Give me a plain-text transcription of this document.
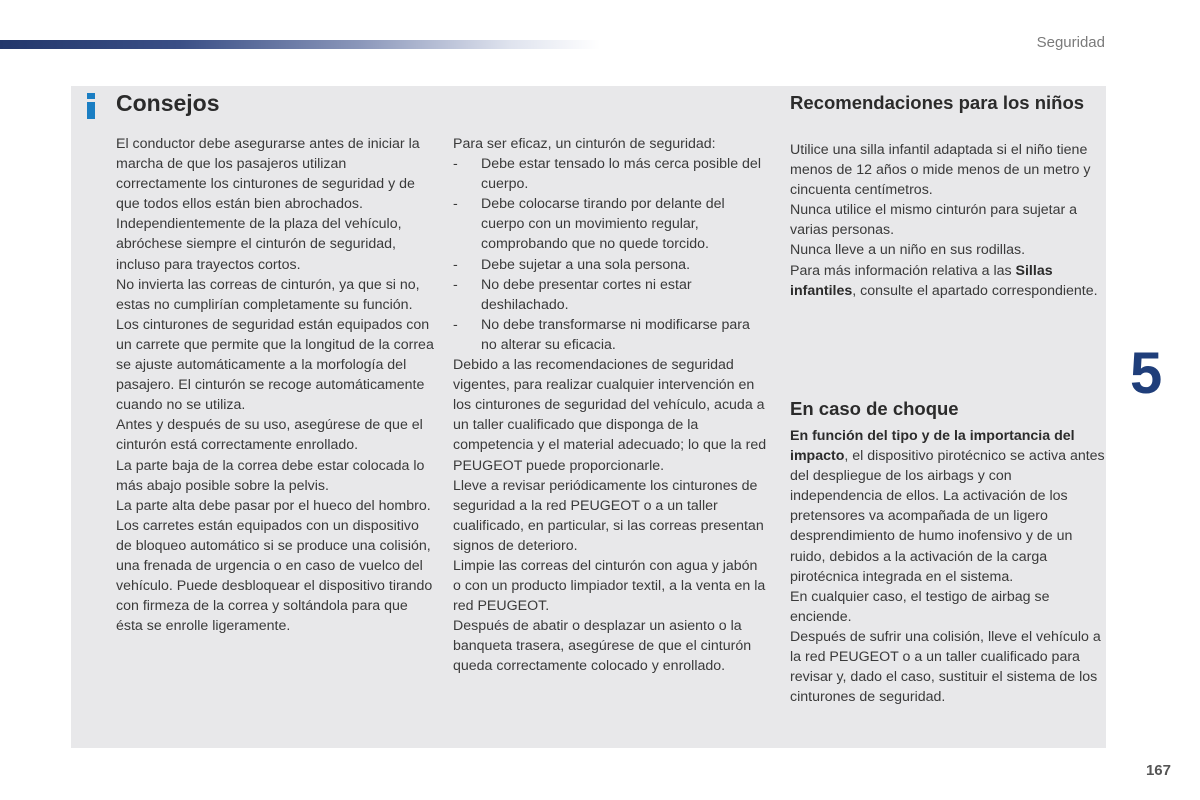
Seguridad
Consejos

El conductor debe asegurarse antes de iniciar la marcha de que los pasajeros utilizan correctamente los cinturones de seguridad y de que todos ellos están bien abrochados.

Independientemente de la plaza del vehículo, abróchese siempre el cinturón de seguridad, incluso para trayectos cortos.

No invierta las correas de cinturón, ya que si no, estas no cumplirían completamente su función.

Los cinturones de seguridad están equipados con un carrete que permite que la longitud de la correa se ajuste automáticamente a la morfología del pasajero. El cinturón se recoge automáticamente cuando no se utiliza.

Antes y después de su uso, asegúrese de que el cinturón está correctamente enrollado.

La parte baja de la correa debe estar colocada lo más abajo posible sobre la pelvis.

La parte alta debe pasar por el hueco del hombro.

Los carretes están equipados con un dispositivo de bloqueo automático si se produce una colisión, una frenada de urgencia o en caso de vuelco del vehículo. Puede desbloquear el dispositivo tirando con firmeza de la correa y soltándola para que ésta se enrolle ligeramente.

Para ser eficaz, un cinturón de seguridad:

- Debe estar tensado lo más cerca posible del cuerpo.

- Debe colocarse tirando por delante del cuerpo con un movimiento regular, comprobando que no quede torcido.

- Debe sujetar a una sola persona.

- No debe presentar cortes ni estar deshilachado.

- No debe transformarse ni modificarse para no alterar su eficacia.

Debido a las recomendaciones de seguridad vigentes, para realizar cualquier intervención en los cinturones de seguridad del vehículo, acuda a un taller cualificado que disponga de la competencia y el material adecuado; lo que la red PEUGEOT puede proporcionarle.

Lleve a revisar periódicamente los cinturones de seguridad a la red PEUGEOT o a un taller cualificado, en particular, si las correas presentan signos de deterioro.

Limpie las correas del cinturón con agua y jabón o con un producto limpiador textil, a la venta en la red PEUGEOT.

Después de abatir o desplazar un asiento o la banqueta trasera, asegúrese de que el cinturón queda correctamente colocado y enrollado.

Recomendaciones para los niños

Utilice una silla infantil adaptada si el niño tiene menos de 12 años o mide menos de un metro y cincuenta centímetros.

Nunca utilice el mismo cinturón para sujetar a varias personas.

Nunca lleve a un niño en sus rodillas.

Para más información relativa a las Sillas infantiles, consulte el apartado correspondiente.

En caso de choque

En función del tipo y de la importancia del impacto, el dispositivo pirotécnico se activa antes del despliegue de los airbags y con independencia de ellos. La activación de los pretensores va acompañada de un ligero desprendimiento de humo inofensivo y de un ruido, debidos a la activación de la carga pirotécnica integrada en el sistema.

En cualquier caso, el testigo de airbag se enciende.

Después de sufrir una colisión, lleve el vehículo a la red PEUGEOT o a un taller cualificado para revisar y, dado el caso, sustituir el sistema de los cinturones de seguridad.

5
167
